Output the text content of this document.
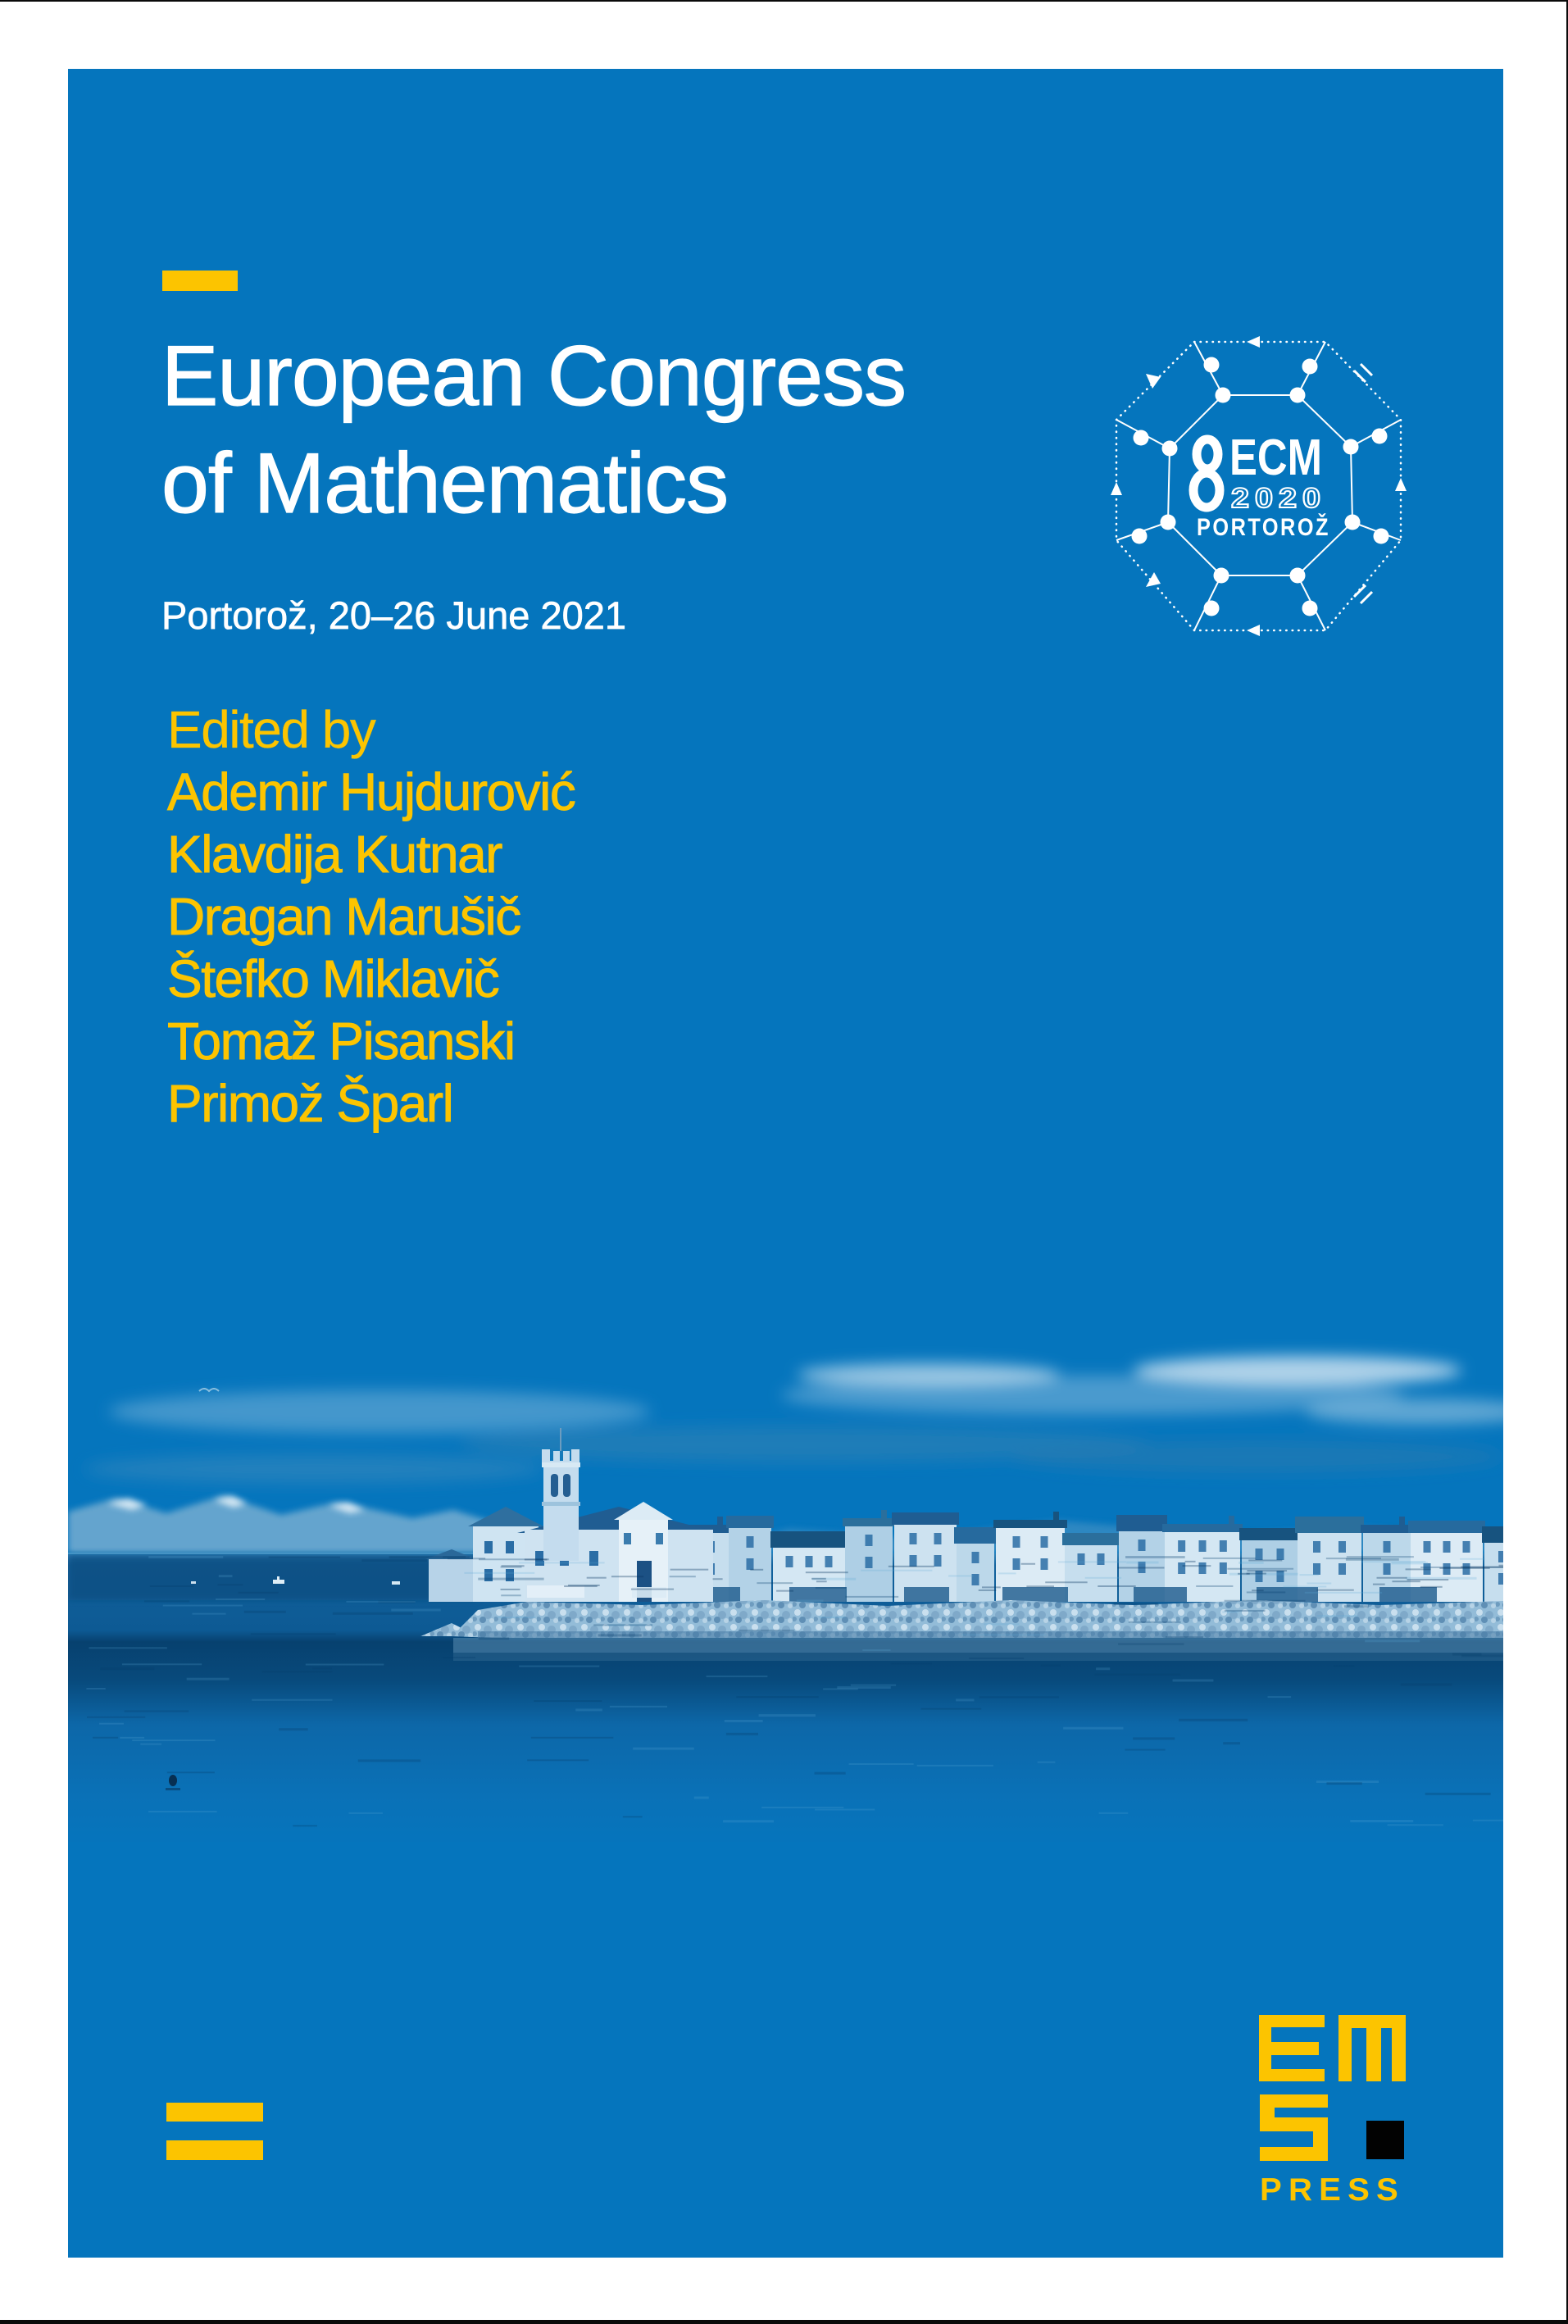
European Congress
of Mathematics
Portorož, 20–26 June 2021
Edited by
Ademir Hujdurović
Klavdija Kutnar
Dragan Marušič
Štefko Miklavič
Tomaž Pisanski
Primož Šparl
ECM
2020
PORTOROŽ
PRESS
